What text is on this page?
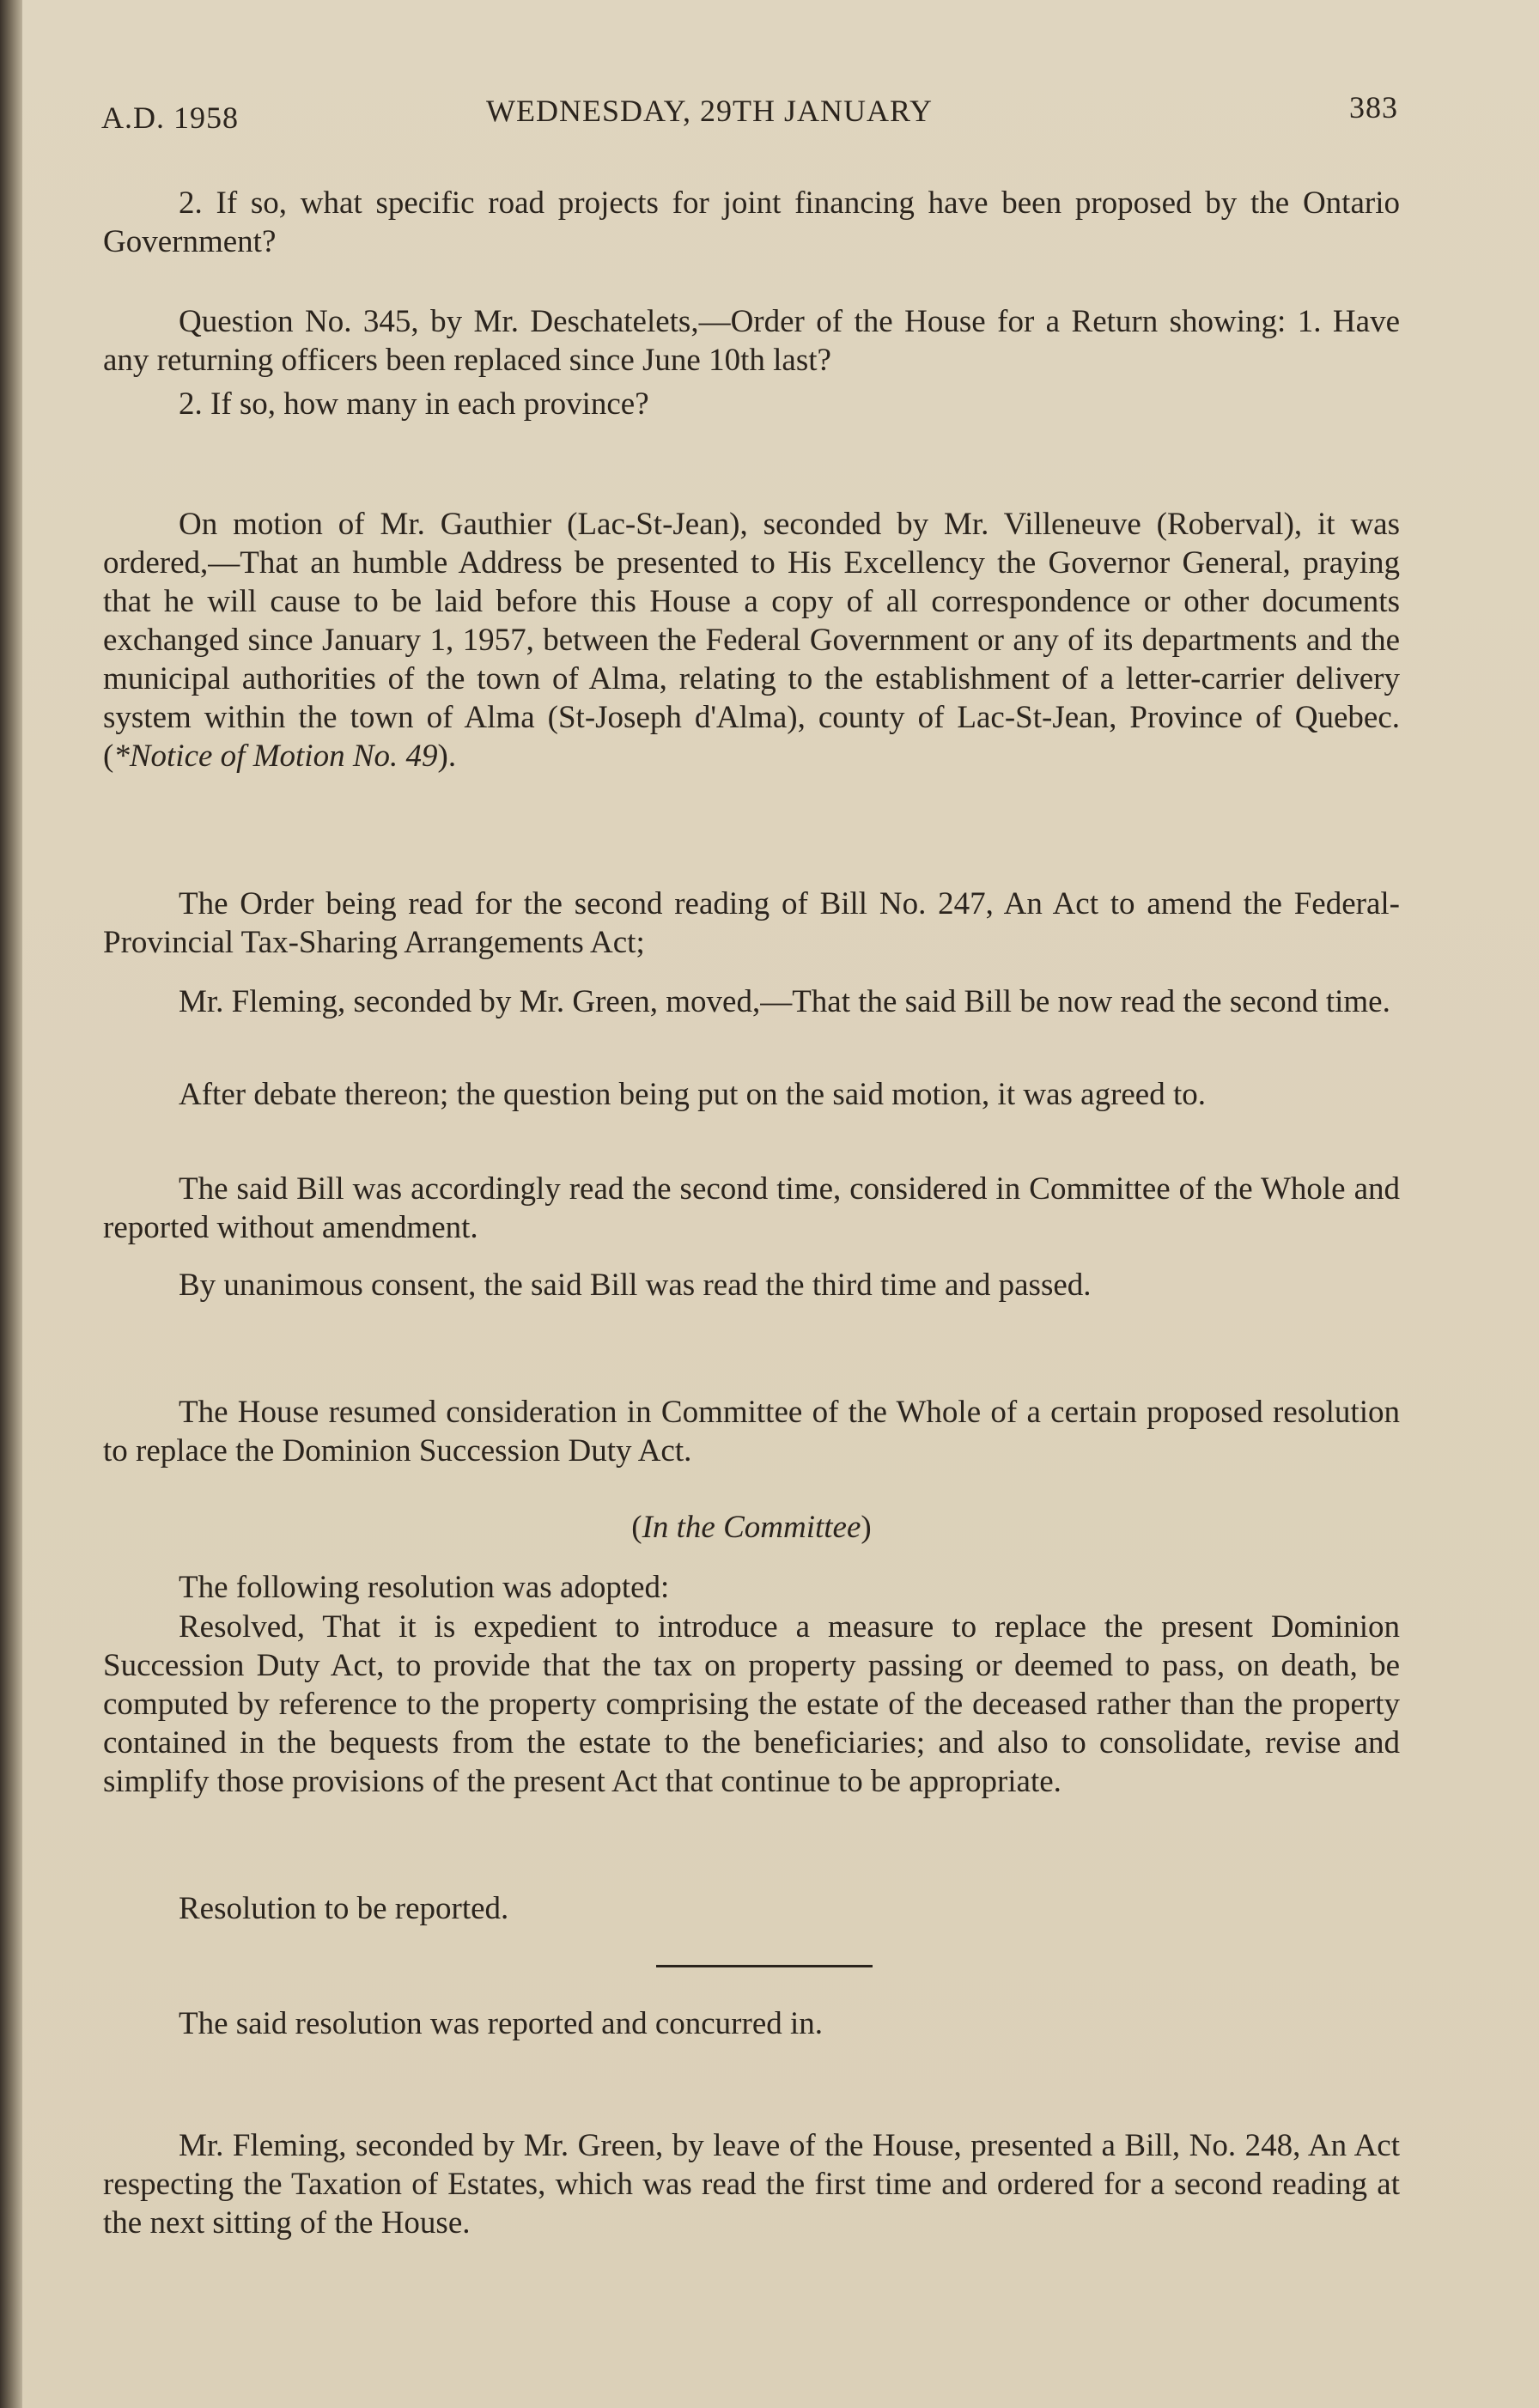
A.D. 1958	WEDNESDAY, 29TH JANUARY	383

2. If so, what specific road projects for joint financing have been proposed by the Ontario Government?

Question No. 345, by Mr. Deschatelets,—Order of the House for a Return showing: 1. Have any returning officers been replaced since June 10th last?

2. If so, how many in each province?

On motion of Mr. Gauthier (Lac-St-Jean), seconded by Mr. Villeneuve (Roberval), it was ordered,—That an humble Address be presented to His Excellency the Governor General, praying that he will cause to be laid before this House a copy of all correspondence or other documents exchanged since January 1, 1957, between the Federal Government or any of its departments and the municipal authorities of the town of Alma, relating to the establishment of a letter-carrier delivery system within the town of Alma (St-Joseph d'Alma), county of Lac-St-Jean, Province of Quebec. (*Notice of Motion No. 49).

The Order being read for the second reading of Bill No. 247, An Act to amend the Federal-Provincial Tax-Sharing Arrangements Act;

Mr. Fleming, seconded by Mr. Green, moved,—That the said Bill be now read the second time.

After debate thereon; the question being put on the said motion, it was agreed to.

The said Bill was accordingly read the second time, considered in Committee of the Whole and reported without amendment.

By unanimous consent, the said Bill was read the third time and passed.

The House resumed consideration in Committee of the Whole of a certain proposed resolution to replace the Dominion Succession Duty Act.

(In the Committee)

The following resolution was adopted:

Resolved, That it is expedient to introduce a measure to replace the present Dominion Succession Duty Act, to provide that the tax on property passing or deemed to pass, on death, be computed by reference to the property comprising the estate of the deceased rather than the property contained in the bequests from the estate to the beneficiaries; and also to consolidate, revise and simplify those provisions of the present Act that continue to be appropriate.

Resolution to be reported.

The said resolution was reported and concurred in.

Mr. Fleming, seconded by Mr. Green, by leave of the House, presented a Bill, No. 248, An Act respecting the Taxation of Estates, which was read the first time and ordered for a second reading at the next sitting of the House.
